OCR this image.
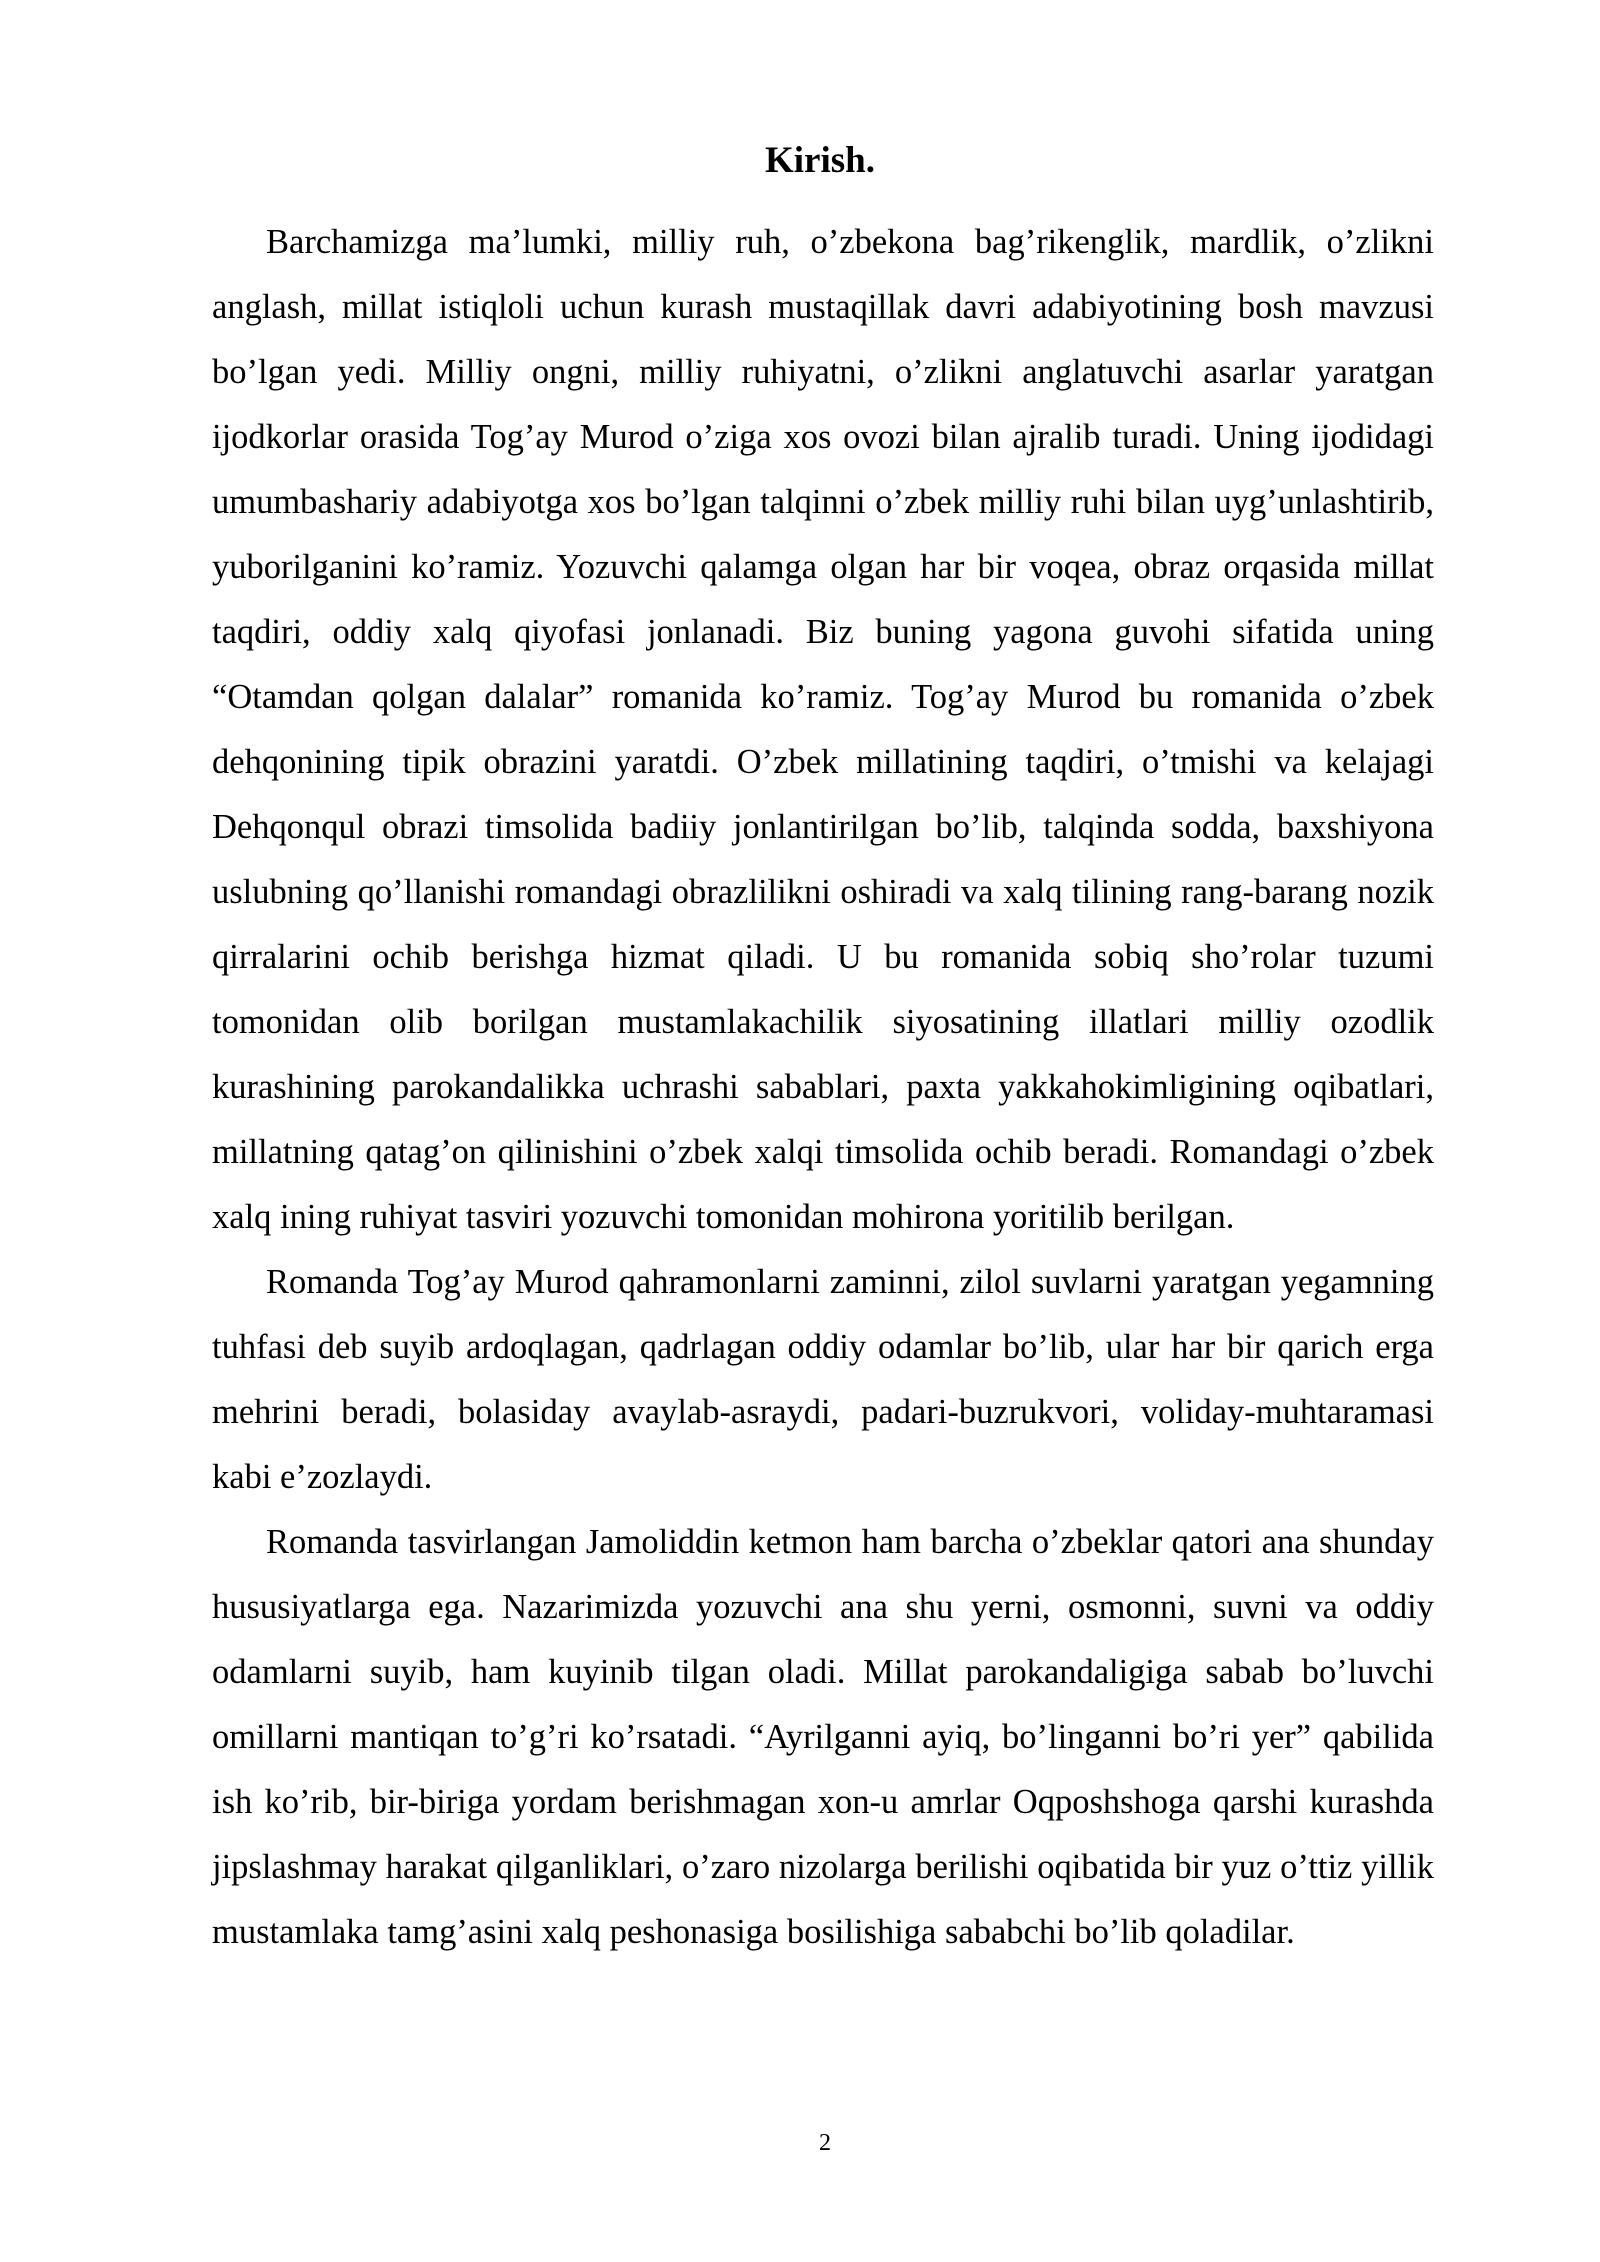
Kirish.

Barchamizga ma’lumki, milliy ruh, o’zbekona bag’rikenglik, mardlik, o’zlikni anglash, millat istiqloli uchun kurash mustaqillak davri adabiyotining bosh mavzusi bo’lgan yedi. Milliy ongni, milliy ruhiyatni, o’zlikni anglatuvchi asarlar yaratgan ijodkorlar orasida Tog’ay Murod o’ziga xos ovozi bilan ajralib turadi. Uning ijodidagi umumbashariy adabiyotga xos bo’lgan talqinni o’zbek milliy ruhi bilan uyg’unlashtirib, yuborilganini ko’ramiz. Yozuvchi qalamga olgan har bir voqea, obraz orqasida millat taqdiri, oddiy xalq qiyofasi jonlanadi. Biz buning yagona guvohi sifatida uning “Otamdan qolgan dalalar” romanida ko’ramiz. Tog’ay Murod bu romanida o’zbek dehqonining tipik obrazini yaratdi. O’zbek millatining taqdiri, o’tmishi va kelajagi Dehqonqul obrazi timsolida badiiy jonlantirilgan bo’lib, talqinda sodda, baxshiyona uslubning qo’llanishi romandagi obrazlilikni oshiradi va xalq tilining rang-barang nozik qirralarini ochib berishga hizmat qiladi. U bu romanida sobiq sho’rolar tuzumi tomonidan olib borilgan mustamlakachilik siyosatining illatlari milliy ozodlik kurashining parokandalikka uchrashi sabablari, paxta yakkahokimligining oqibatlari, millatning qatag’on qilinishini o’zbek xalqi timsolida ochib beradi. Romandagi o’zbek xalq ining ruhiyat tasviri yozuvchi tomonidan mohirona yoritilib berilgan.

Romanda Tog’ay Murod qahramonlarni zaminni, zilol suvlarni yaratgan yegamning tuhfasi deb suyib ardoqlagan, qadrlagan oddiy odamlar bo’lib, ular har bir qarich erga mehrini beradi, bolasiday avaylab-asraydi, padari-buzrukvori, voliday-muhtaramasi kabi e’zozlaydi.

Romanda tasvirlangan Jamoliddin ketmon ham barcha o’zbeklar qatori ana shunday hususiyatlarga ega. Nazarimizda yozuvchi ana shu yerni, osmonni, suvni va oddiy odamlarni suyib, ham kuyinib tilgan oladi. Millat parokandaligiga sabab bo’luvchi omillarni mantiqan to’g’ri ko’rsatadi. “Ayrilganni ayiq, bo’linganni bo’ri yer” qabilida ish ko’rib, bir-biriga yordam berishmagan xon-u amrlar Oqposhshoga qarshi kurashda jipslashmay harakat qilganliklari, o’zaro nizolarga berilishi oqibatida bir yuz o’ttiz yillik mustamlaka tamg’asini xalq peshonasiga bosilishiga sababchi bo’lib qoladilar.

2
